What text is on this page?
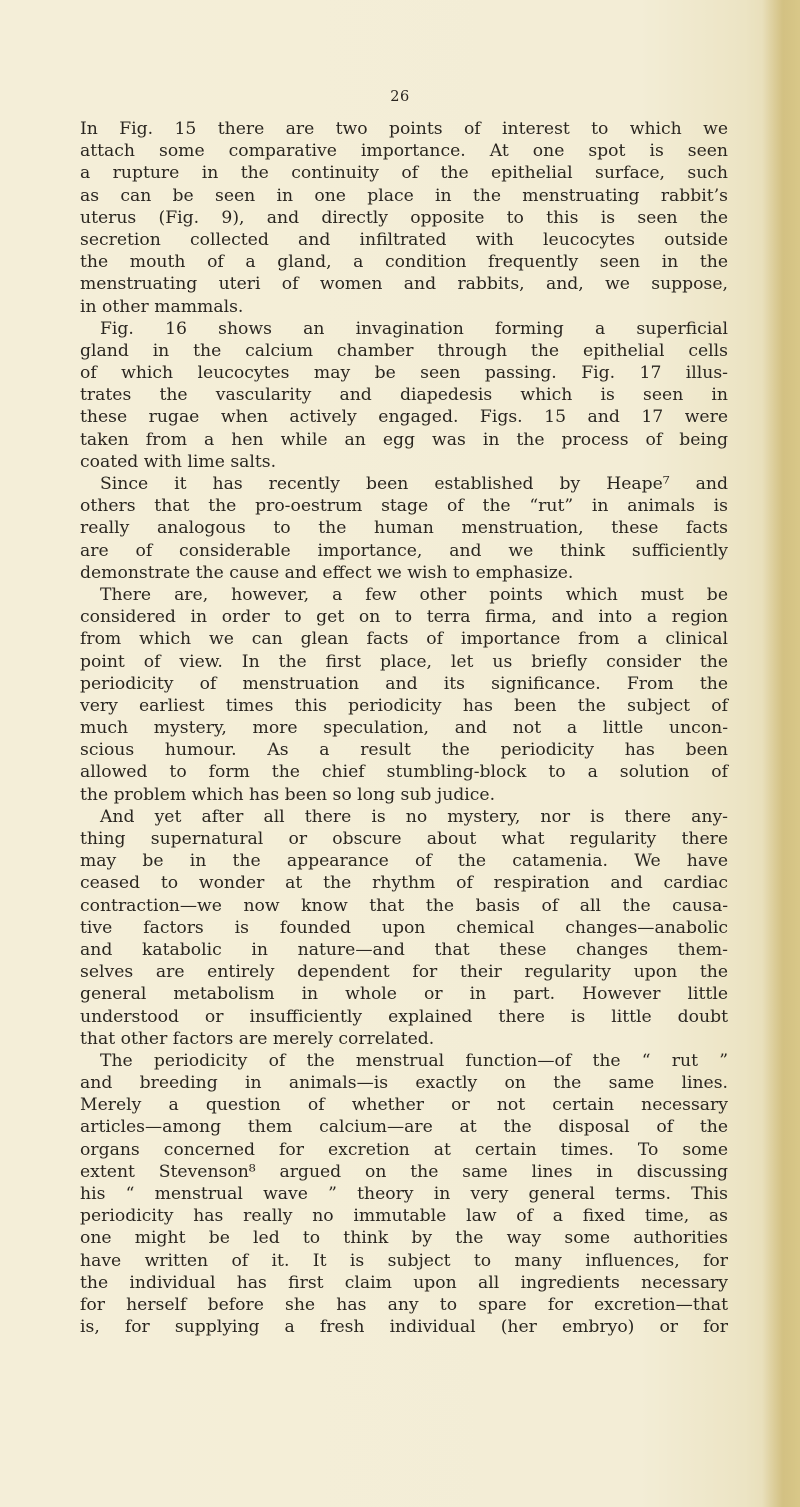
26
In Fig. 15 there are two points of interest to which we
attach some comparative importance. At one spot is seen
a rupture in the continuity of the epithelial surface, such
as can be seen in one place in the menstruating rabbit’s
uterus (Fig. 9), and directly opposite to this is seen the
secretion collected and infiltrated with leucocytes outside
the mouth of a gland, a condition frequently seen in the
menstruating uteri of women and rabbits, and, we suppose,
in other mammals.
Fig. 16 shows an invagination forming a superficial
gland in the calcium chamber through the epithelial cells
of which leucocytes may be seen passing. Fig. 17 illus-
trates the vascularity and diapedesis which is seen in
these rugae when actively engaged. Figs. 15 and 17 were
taken from a hen while an egg was in the process of being
coated with lime salts.
Since it has recently been established by Heape⁷ and
others that the pro-oestrum stage of the “rut” in animals is
really analogous to the human menstruation, these facts
are of considerable importance, and we think sufficiently
demonstrate the cause and effect we wish to emphasize.
There are, however, a few other points which must be
considered in order to get on to terra firma, and into a region
from which we can glean facts of importance from a clinical
point of view. In the first place, let us briefly consider the
periodicity of menstruation and its significance. From the
very earliest times this periodicity has been the subject of
much mystery, more speculation, and not a little uncon-
scious humour. As a result the periodicity has been
allowed to form the chief stumbling-block to a solution of
the problem which has been so long sub judice.
And yet after all there is no mystery, nor is there any-
thing supernatural or obscure about what regularity there
may be in the appearance of the catamenia. We have
ceased to wonder at the rhythm of respiration and cardiac
contraction—we now know that the basis of all the causa-
tive factors is founded upon chemical changes—anabolic
and katabolic in nature—and that these changes them-
selves are entirely dependent for their regularity upon the
general metabolism in whole or in part. However little
understood or insufficiently explained there is little doubt
that other factors are merely correlated.
The periodicity of the menstrual function—of the “ rut ”
and breeding in animals—is exactly on the same lines.
Merely a question of whether or not certain necessary
articles—among them calcium—are at the disposal of the
organs concerned for excretion at certain times. To some
extent Stevenson⁸ argued on the same lines in discussing
his “ menstrual wave ” theory in very general terms. This
periodicity has really no immutable law of a fixed time, as
one might be led to think by the way some authorities
have written of it. It is subject to many influences, for
the individual has first claim upon all ingredients necessary
for herself before she has any to spare for excretion—that
is, for supplying a fresh individual (her embryo) or for
